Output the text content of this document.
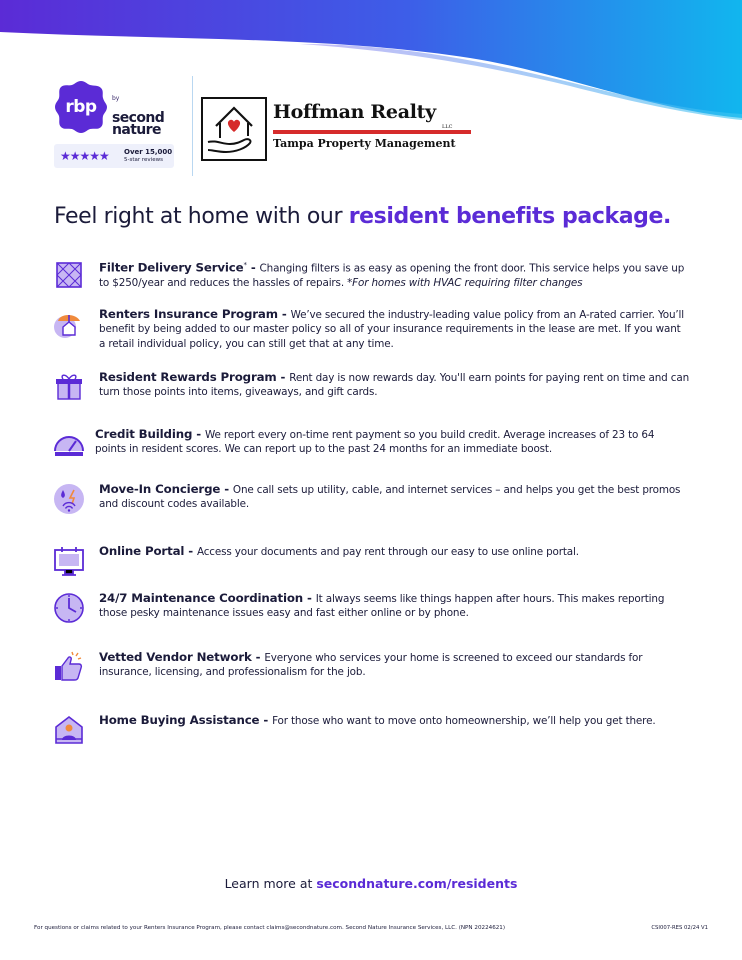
rbp	by
second
nature
★★★★★ Over 15,000
5-star reviews
Hoffman Realty
LLC
Tampa Property Management
Feel right at home with our resident benefits package.
Filter Delivery Service* - Changing filters is as easy as opening the front door. This service helps you save up to $250/year and reduces the hassles of repairs. *For homes with HVAC requiring filter changes
Renters Insurance Program - We’ve secured the industry-leading value policy from an A-rated carrier. You’ll benefit by being added to our master policy so all of your insurance requirements in the lease are met. If you want a retail individual policy, you can still get that at any time.
Resident Rewards Program - Rent day is now rewards day. You'll earn points for paying rent on time and can turn those points into items, giveaways, and gift cards.
Credit Building - We report every on-time rent payment so you build credit. Average increases of 23 to 64 points in resident scores. We can report up to the past 24 months for an immediate boost.
Move-In Concierge - One call sets up utility, cable, and internet services – and helps you get the best promos and discount codes available.
Online Portal - Access your documents and pay rent through our easy to use online portal.
24/7 Maintenance Coordination - It always seems like things happen after hours. This makes reporting those pesky maintenance issues easy and fast either online or by phone.
Vetted Vendor Network - Everyone who services your home is screened to exceed our standards for insurance, licensing, and professionalism for the job.
Home Buying Assistance - For those who want to move onto homeownership, we’ll help you get there.
Learn more at secondnature.com/residents
For questions or claims related to your Renters Insurance Program, please contact claims@secondnature.com. Second Nature Insurance Services, LLC. (NPN 20224621)	CSI007-RES 02/24 V1
